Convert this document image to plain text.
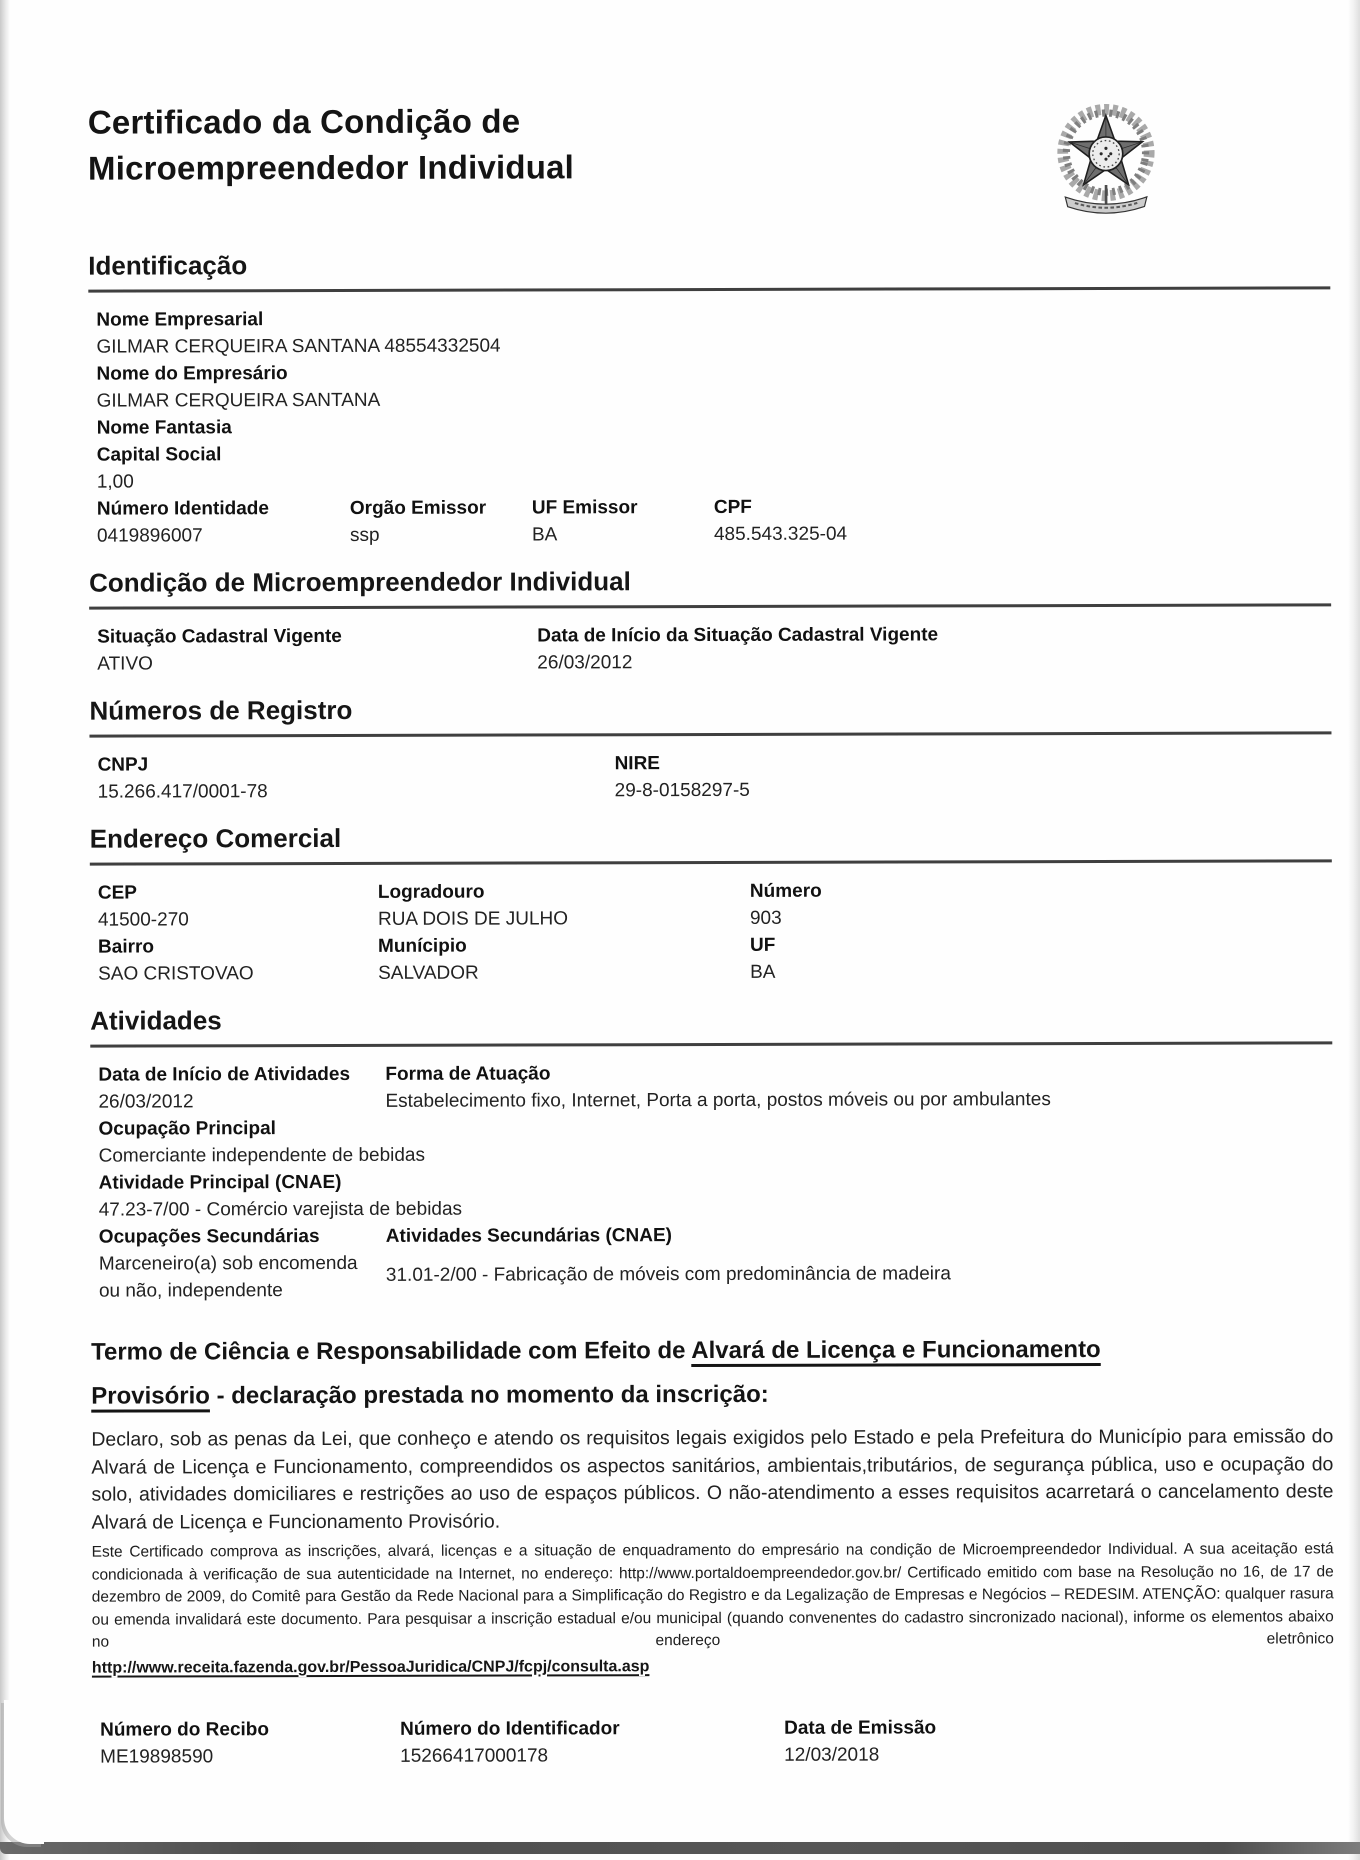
Certificado da Condição de
Microempreendedor Individual
Identificação
Nome Empresarial
GILMAR CERQUEIRA SANTANA 48554332504
Nome do Empresário
GILMAR CERQUEIRA SANTANA
Nome Fantasia
Capital Social
1,00
Número Identidade
0419896007
Orgão Emissor
ssp
UF Emissor
BA
CPF
485.543.325-04
Condição de Microempreendedor Individual
Situação Cadastral Vigente
ATIVO
Data de Início da Situação Cadastral Vigente
26/03/2012
Números de Registro
CNPJ
15.266.417/0001-78
NIRE
29-8-0158297-5
Endereço Comercial
CEP
41500-270
Bairro
SAO CRISTOVAO
Logradouro
RUA DOIS DE JULHO
Munícipio
SALVADOR
Número
903
UF
BA
Atividades
Data de Início de Atividades
26/03/2012
Forma de Atuação
Estabelecimento fixo, Internet, Porta a porta, postos móveis ou por ambulantes
Ocupação Principal
Comerciante independente de bebidas
Atividade Principal (CNAE)
47.23-7/00 - Comércio varejista de bebidas
Ocupações Secundárias
Marceneiro(a) sob encomenda ou não, independente
Atividades Secundárias (CNAE)
31.01-2/00 - Fabricação de móveis com predominância de madeira
Termo de Ciência e Responsabilidade com Efeito de Alvará de Licença e Funcionamento
Provisório - declaração prestada no momento da inscrição:

Declaro, sob as penas da Lei, que conheço e atendo os requisitos legais exigidos pelo Estado e pela Prefeitura do Município para emissão do Alvará de Licença e Funcionamento, compreendidos os aspectos sanitários, ambientais,tributários, de segurança pública, uso e ocupação do solo, atividades domiciliares e restrições ao uso de espaços públicos. O não-atendimento a esses requisitos acarretará o cancelamento deste Alvará de Licença e Funcionamento Provisório.

Este Certificado comprova as inscrições, alvará, licenças e a situação de enquadramento do empresário na condição de Microempreendedor Individual. A sua aceitação está condicionada à verificação de sua autenticidade na Internet, no endereço: http://www.portaldoempreendedor.gov.br/ Certificado emitido com base na Resolução no 16, de 17 de dezembro de 2009, do Comitê para Gestão da Rede Nacional para a Simplificação do Registro e da Legalização de Empresas e Negócios – REDESIM. ATENÇÃO: qualquer rasura ou emenda invalidará este documento. Para pesquisar a inscrição estadual e/ou municipal (quando convenentes do cadastro sincronizado nacional), informe os elementos abaixo no endereço eletrônico

http://www.receita.fazenda.gov.br/PessoaJuridica/CNPJ/fcpj/consulta.asp
Número do Recibo
ME19898590
Número do Identificador
15266417000178
Data de Emissão
12/03/2018
